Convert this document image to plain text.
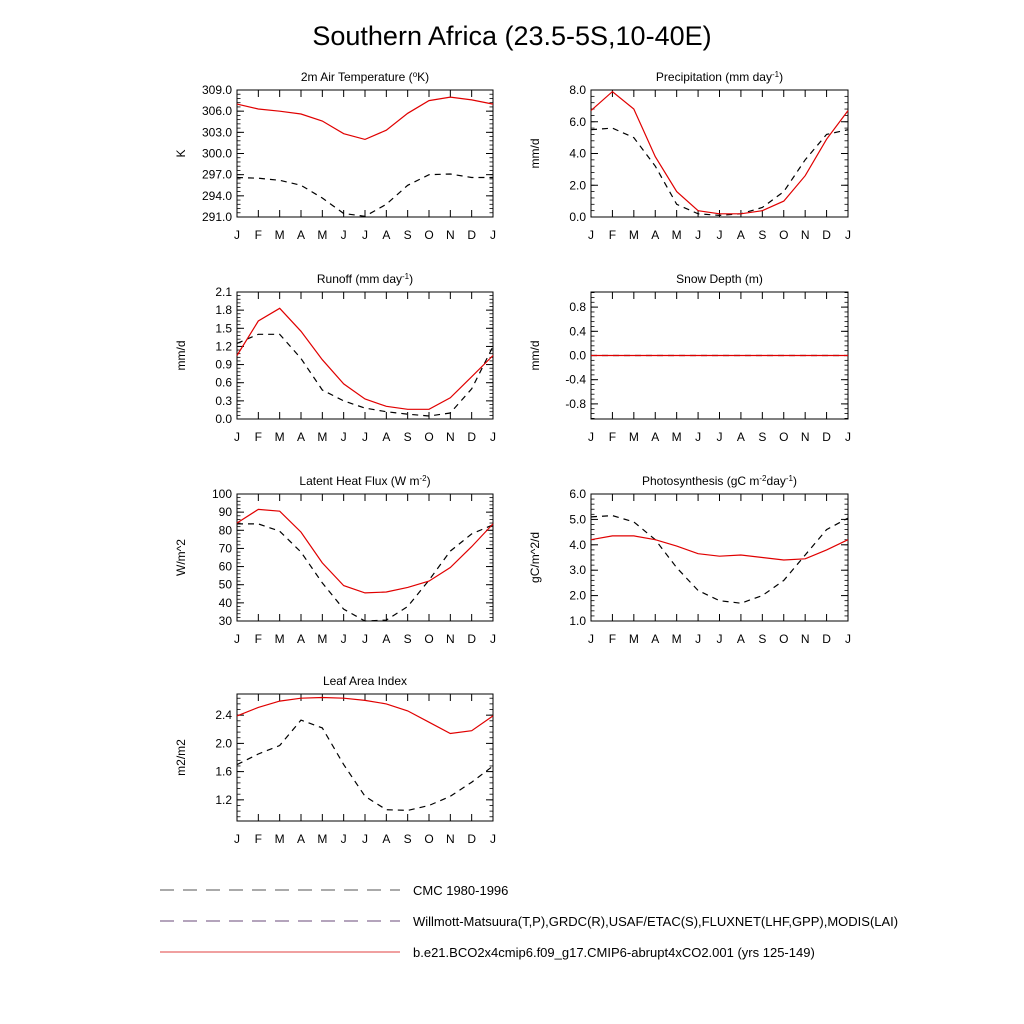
Southern Africa (23.5-5S,10-40E)
2m Air Temperature ($^o$K)
K
291.0
294.0
297.0
300.0
303.0
306.0
309.0
J F M A M J J A S O N D J
Precipitation (mm day$^{-1}$)
mm/d
0.0
2.0
4.0
6.0
8.0
J F M A M J J A S O N D J
Runoff (mm day$^{-1}$)
mm/d
0.0
0.3
0.6
0.9
1.2
1.5
1.8
2.1
J F M A M J J A S O N D J
Snow Depth (m)
mm/d
-0.8
-0.4
0.0
0.4
0.8
J F M A M J J A S O N D J
Latent Heat Flux (W $m^{-2}$)
W/m^2
30
40
50
60
70
80
90
100
J F M A M J J A S O N D J
Photosynthesis (gC $m^{-2}day^{-1}$)
gC/m^2/d
1.0
2.0
3.0
4.0
5.0
6.0
J F M A M J J A S O N D J
Leaf Area Index
m2/m2
1.2
1.6
2.0
2.4
J F M A M J J A S O N D J
CMC 1980-1996
Willmott-Matsuura(T,P),GRDC(R),USAF/ETAC(S),FLUXNET(LHF,GPP),MODIS(LAI)
b.e21.BCO2x4cmip6.f09_g17.CMIP6-abrupt4xCO2.001 (yrs 125-149)
